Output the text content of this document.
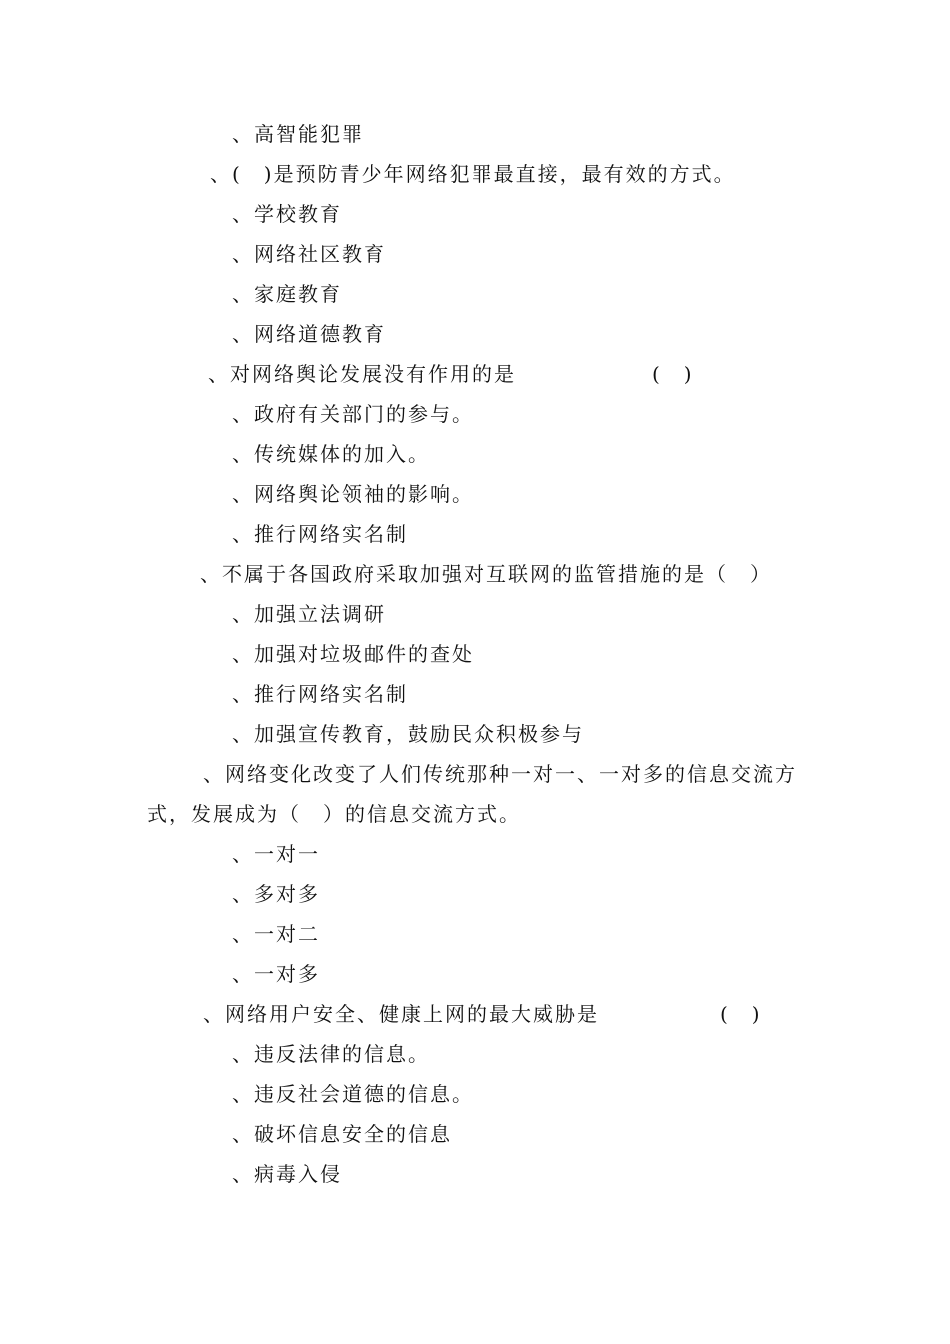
、高智能犯罪
、(　)是预防青少年网络犯罪最直接，最有效的方式。
、学校教育
、网络社区教育
、家庭教育
、网络道德教育
、对网络舆论发展没有作用的是	(　)
、政府有关部门的参与。
、传统媒体的加入。
、网络舆论领袖的影响。
、推行网络实名制
、不属于各国政府采取加强对互联网的监管措施的是（　）
、加强立法调研
、加强对垃圾邮件的查处
、推行网络实名制
、加强宣传教育，鼓励民众积极参与
、网络变化改变了人们传统那种一对一、一对多的信息交流方
式，发展成为（　）的信息交流方式。
、一对一
、多对多
、一对二
、一对多
、网络用户安全、健康上网的最大威胁是	(　)
、违反法律的信息。
、违反社会道德的信息。
、破坏信息安全的信息
、病毒入侵
